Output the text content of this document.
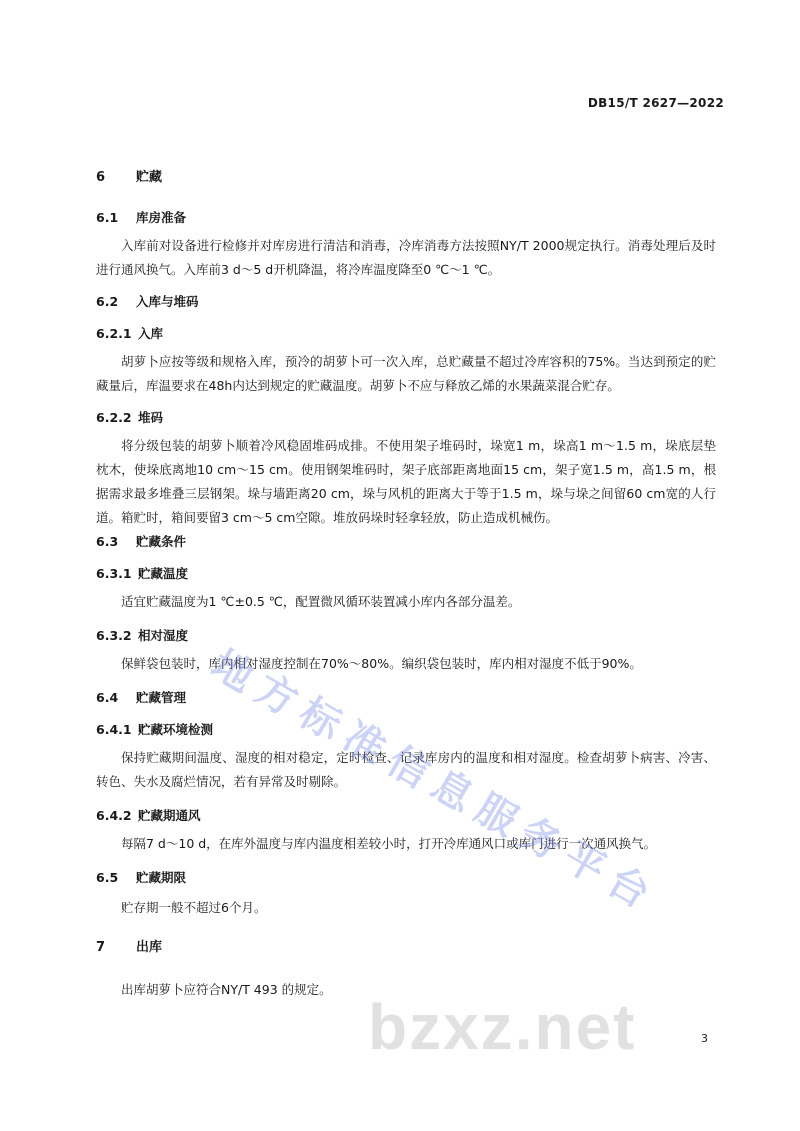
DB15/T 2627—2022
6 贮藏
6.1 库房准备
入库前对设备进行检修并对库房进行清洁和消毒，冷库消毒方法按照NY/T 2000规定执行。消毒处理后及时进行通风换气。入库前3 d～5 d开机降温，将冷库温度降至0 ℃～1 ℃。
6.2 入库与堆码
6.2.1 入库
胡萝卜应按等级和规格入库，预冷的胡萝卜可一次入库，总贮藏量不超过冷库容积的75%。当达到预定的贮藏量后，库温要求在48h内达到规定的贮藏温度。胡萝卜不应与释放乙烯的水果蔬菜混合贮存。
6.2.2 堆码
将分级包装的胡萝卜顺着冷风稳固堆码成排。不使用架子堆码时，垛宽1 m，垛高1 m～1.5 m，垛底层垫枕木，使垛底离地10 cm～15 cm。使用钢架堆码时，架子底部距离地面15 cm，架子宽1.5 m，高1.5 m，根据需求最多堆叠三层钢架。垛与墙距离20 cm，垛与风机的距离大于等于1.5 m，垛与垛之间留60 cm宽的人行道。箱贮时，箱间要留3 cm～5 cm空隙。堆放码垛时轻拿轻放，防止造成机械伤。
6.3 贮藏条件
6.3.1 贮藏温度
适宜贮藏温度为1 ℃±0.5 ℃，配置微风循环装置减小库内各部分温差。
6.3.2 相对湿度
保鲜袋包装时，库内相对湿度控制在70%～80%。编织袋包装时，库内相对湿度不低于90%。
6.4 贮藏管理
6.4.1 贮藏环境检测
保持贮藏期间温度、湿度的相对稳定，定时检查、记录库房内的温度和相对湿度。检查胡萝卜病害、冷害、转色、失水及腐烂情况，若有异常及时剔除。
6.4.2 贮藏期通风
每隔7 d～10 d，在库外温度与库内温度相差较小时，打开冷库通风口或库门进行一次通风换气。
6.5 贮藏期限
贮存期一般不超过6个月。
7 出库
出库胡萝卜应符合NY/T 493 的规定。
地
方
标
准
信
息
服
务
平
台
bzxz.net	3
